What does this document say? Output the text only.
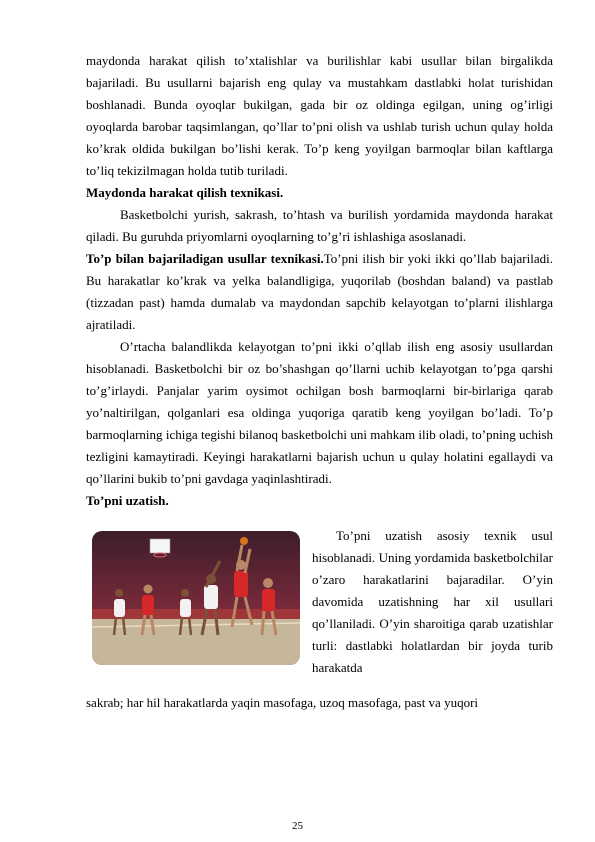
maydonda harakat qilish to’xtalishlar va burilishlar kabi usullar bilan birgalikda bajariladi. Bu usullarni bajarish eng qulay va mustahkam dastlabki holat turishidan boshlanadi. Bunda oyoqlar bukilgan, gada bir oz oldinga egilgan, uning og’irligi oyoqlarda barobar taqsimlangan, qo’llar to’pni olish va ushlab turish uchun qulay holda ko’krak oldida bukilgan bo’lishi kerak. To’p keng yoyilgan barmoqlar bilan kaftlarga to’liq tekizilmagan holda tutib turiladi.

Maydonda harakat qilish texnikasi.

Basketbolchi yurish, sakrash, to’htash va burilish yordamida maydonda harakat qiladi. Bu guruhda priyomlarni oyoqlarning to’g’ri ishlashiga asoslanadi.

To’p bilan bajariladigan usullar texnikasi.To’pni ilish bir yoki ikki qo’llab bajariladi. Bu harakatlar ko’krak va yelka balandligiga, yuqorilab (boshdan baland) va pastlab (tizzadan past) hamda dumalab va maydondan sapchib kelayotgan to’plarni ilishlarga ajratiladi.

O’rtacha balandlikda kelayotgan to’pni ikki o’qllab ilish eng asosiy usullardan hisoblanadi. Basketbolchi bir oz bo’shashgan qo’llarni uchib kelayotgan to’pga qarshi to’g’irlaydi. Panjalar yarim oysimot ochilgan bosh barmoqlarni bir-birlariga qarab yo’naltirilgan, qolganlari esa oldinga yuqoriga qaratib keng yoyilgan bo’ladi. To’p barmoqlarning ichiga tegishi bilanoq basketbolchi uni mahkam ilib oladi, to’pning uchish tezligini kamaytiradi. Keyingi harakatlarni bajarish uchun u qulay holatini egallaydi va qo’llarini bukib to’pni gavdaga yaqinlashtiradi.

To’pni uzatish.

To’pni uzatish asosiy texnik usul hisoblanadi. Uning yordamida basketbolchilar o’zaro harakatlarini bajaradilar. O’yin davomida uzatishning har xil usullari qo’llaniladi. O’yin sharoitiga qarab uzatishlar turli: dastlabki holatlardan bir joyda turib harakatda

sakrab; har hil harakatlarda yaqin masofaga, uzoq masofaga, past va yuqori

25
